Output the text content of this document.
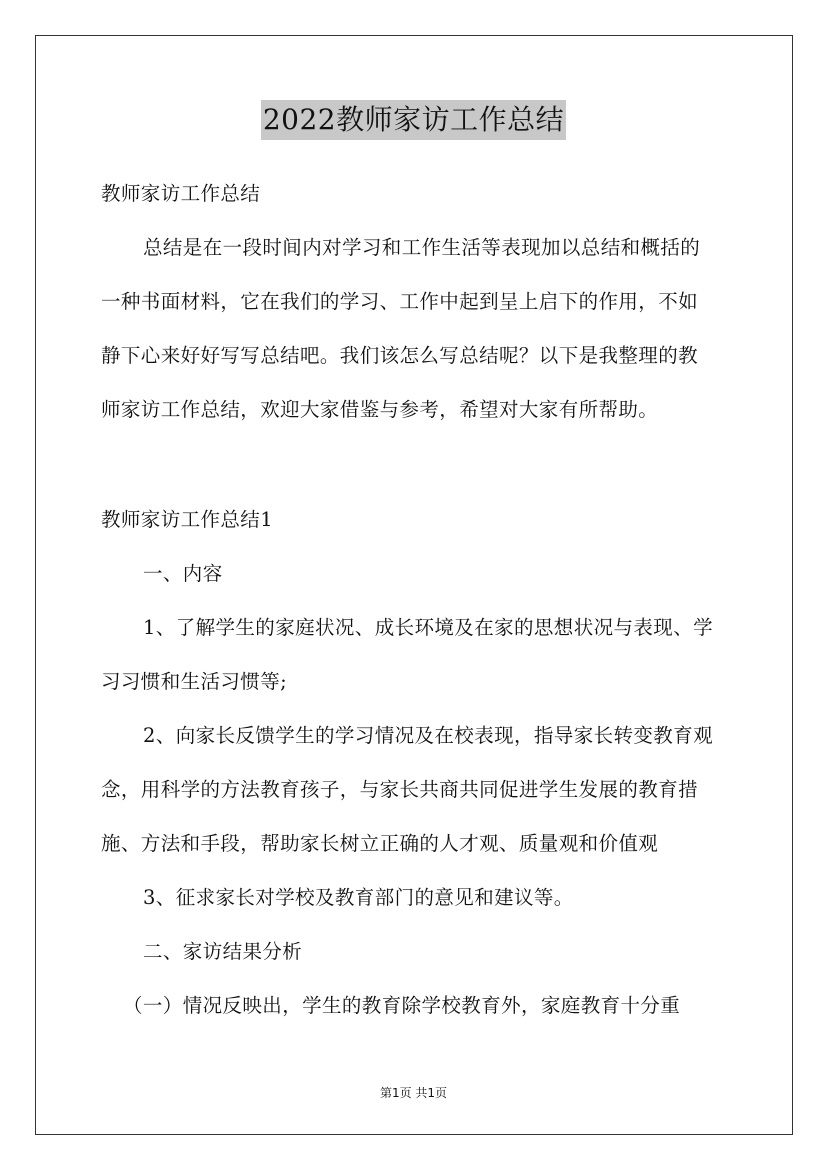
2022教师家访工作总结
教师家访工作总结
总结是在一段时间内对学习和工作生活等表现加以总结和概括的
一种书面材料，它在我们的学习、工作中起到呈上启下的作用，不如
静下心来好好写写总结吧。我们该怎么写总结呢？以下是我整理的教
师家访工作总结，欢迎大家借鉴与参考，希望对大家有所帮助。
教师家访工作总结1
一、内容
1、了解学生的家庭状况、成长环境及在家的思想状况与表现、学
习习惯和生活习惯等;
2、向家长反馈学生的学习情况及在校表现，指导家长转变教育观
念，用科学的方法教育孩子，与家长共商共同促进学生发展的教育措
施、方法和手段，帮助家长树立正确的人才观、质量观和价值观
3、征求家长对学校及教育部门的意见和建议等。
二、家访结果分析
（一）情况反映出，学生的教育除学校教育外，家庭教育十分重
第1页 共1页
